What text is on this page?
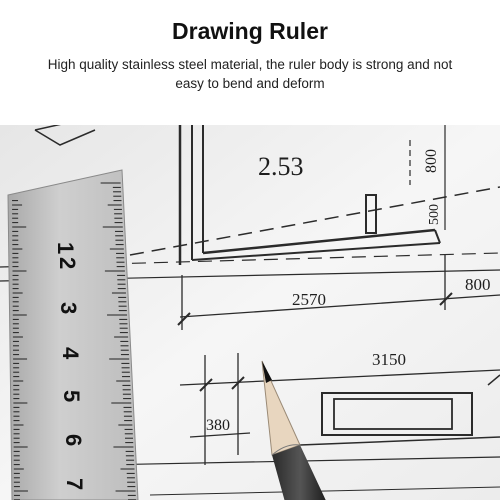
Drawing Ruler
High quality stainless steel material, the ruler body is strong and not easy to bend and deform
2.53	800
500
2570
800
3150
380
1
2
3
4
5
6
7
